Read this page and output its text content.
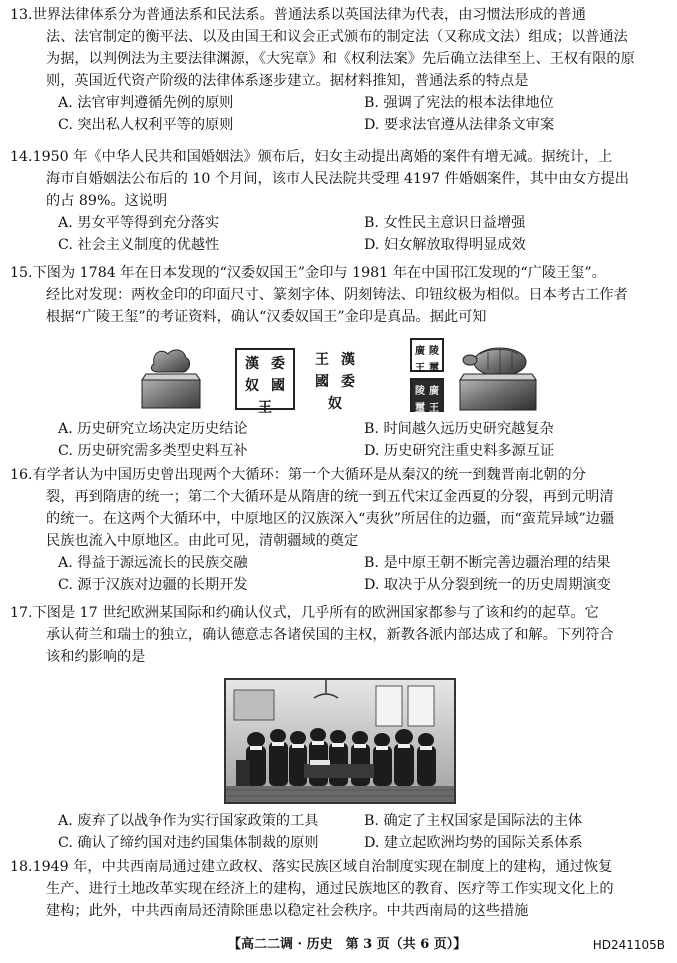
13.世界法律体系分为普通法系和民法系。普通法系以英国法律为代表，由习惯法形成的普通
法、法官制定的衡平法、以及由国王和议会正式颁布的制定法（又称成文法）组成；以普通法
为据，以判例法为主要法律渊源，《大宪章》和《权利法案》先后确立法律至上、王权有限的原
则，英国近代资产阶级的法律体系逐步建立。据材料推知，普通法系的特点是
A. 法官审判遵循先例的原则	B. 强调了宪法的根本法律地位
C. 突出私人权利平等的原则	D. 要求法官遵从法律条文审案
14.1950 年《中华人民共和国婚姻法》颁布后，妇女主动提出离婚的案件有增无减。据统计，上
海市自婚姻法公布后的 10 个月间，该市人民法院共受理 4197 件婚姻案件，其中由女方提出
的占 89%。这说明
A. 男女平等得到充分落实	B. 女性民主意识日益增强
C. 社会主义制度的优越性	D. 妇女解放取得明显成效
15.下图为 1784 年在日本发现的“汉委奴国王”金印与 1981 年在中国邗江发现的“广陵王玺”。
经比对发现：两枚金印的印面尺寸、篆刻字体、阴刻铸法、印钮纹极为相似。日本考古工作者
根据“广陵王玺”的考证资料，确认“汉委奴国王”金印是真品。据此可知
漢 委
奴 國
王
王 漢
國 委
奴
廣 陵
王 璽
陵 廣
璽 王
A. 历史研究立场决定历史结论	B. 时间越久远历史研究越复杂
C. 历史研究需多类型史料互补	D. 历史研究注重史料多源互证
16.有学者认为中国历史曾出现两个大循环：第一个大循环是从秦汉的统一到魏晋南北朝的分
裂，再到隋唐的统一；第二个大循环是从隋唐的统一到五代宋辽金西夏的分裂，再到元明清
的统一。在这两个大循环中，中原地区的汉族深入“夷狄”所居住的边疆，而“蛮荒异域”边疆
民族也流入中原地区。由此可见，清朝疆域的奠定
A. 得益于源远流长的民族交融	B. 是中原王朝不断完善边疆治理的结果
C. 源于汉族对边疆的长期开发	D. 取决于从分裂到统一的历史周期演变
17.下图是 17 世纪欧洲某国际和约确认仪式，几乎所有的欧洲国家都参与了该和约的起草。它
承认荷兰和瑞士的独立，确认德意志各诸侯国的主权，新教各派内部达成了和解。下列符合
该和约影响的是
A. 废弃了以战争作为实行国家政策的工具	B. 确定了主权国家是国际法的主体
C. 确认了缔约国对违约国集体制裁的原则	D. 建立起欧洲均势的国际关系体系
18.1949 年，中共西南局通过建立政权、落实民族区域自治制度实现在制度上的建构，通过恢复
生产、进行土地改革实现在经济上的建构，通过民族地区的教育、医疗等工作实现文化上的
建构；此外，中共西南局还清除匪患以稳定社会秩序。中共西南局的这些措施
【高二二调 · 历史　第 3 页（共 6 页）】	HD241105B
